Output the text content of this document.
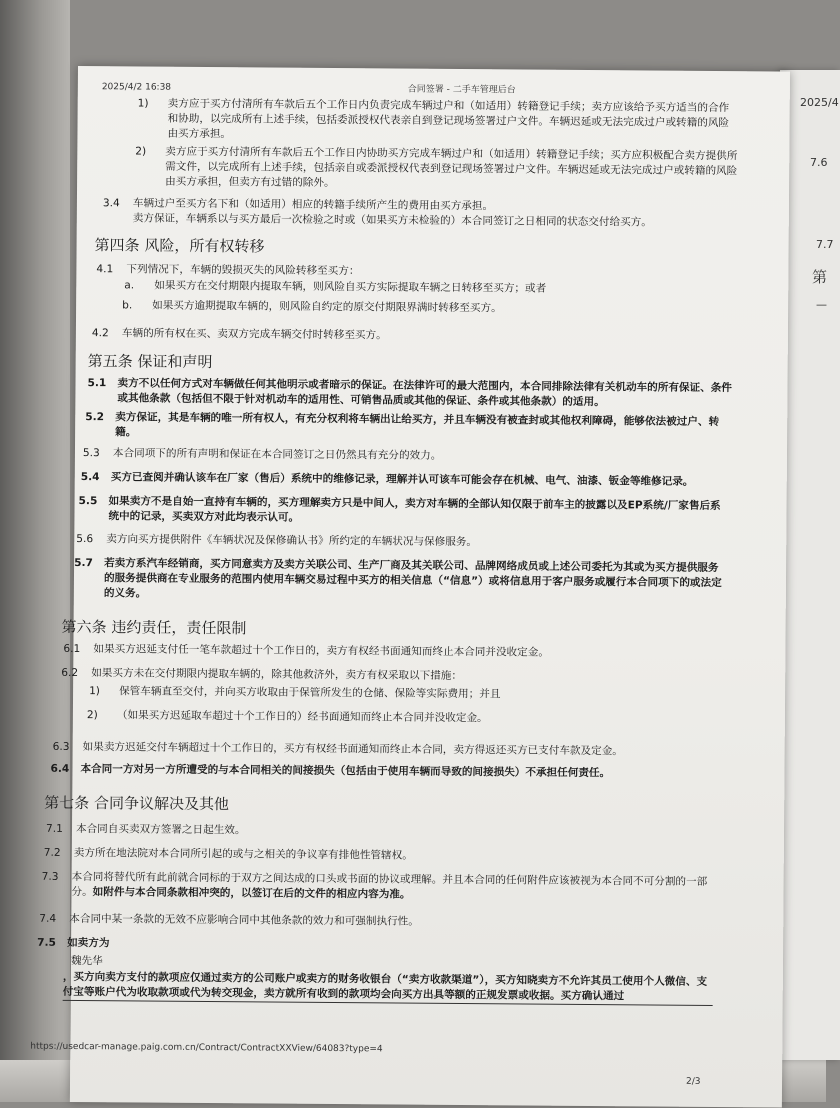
2025/4
7.6
7.7
第
—
2025/4/2 16:38	合同签署 - 二手车管理后台
1) 卖方应于买方付清所有车款后五个工作日内负责完成车辆过户和（如适用）转籍登记手续；卖方应该给予买方适当的合作和协助，以完成所有上述手续，包括委派授权代表亲自到登记现场签署过户文件。车辆迟延或无法完成过户或转籍的风险由买方承担。
2) 卖方应于买方付清所有车款后五个工作日内协助买方完成车辆过户和（如适用）转籍登记手续；买方应积极配合卖方提供所需文件，以完成所有上述手续，包括亲自或委派授权代表到登记现场签署过户文件。车辆迟延或无法完成过户或转籍的风险由买方承担，但卖方有过错的除外。
3.4 车辆过户至买方名下和（如适用）相应的转籍手续所产生的费用由买方承担。
卖方保证，车辆系以与买方最后一次检验之时或（如果买方未检验的）本合同签订之日相同的状态交付给买方。
第四条 风险，所有权转移
4.1 下列情况下，车辆的毁损灭失的风险转移至买方：
a. 如果买方在交付期限内提取车辆，则风险自买方实际提取车辆之日转移至买方；或者
b. 如果买方逾期提取车辆的，则风险自约定的原交付期限界满时转移至买方。
4.2 车辆的所有权在买、卖双方完成车辆交付时转移至买方。
第五条 保证和声明
5.1 卖方不以任何方式对车辆做任何其他明示或者暗示的保证。在法律许可的最大范围内，本合同排除法律有关机动车的所有保证、条件或其他条款（包括但不限于针对机动车的适用性、可销售品质或其他的保证、条件或其他条款）的适用。
5.2 卖方保证，其是车辆的唯一所有权人，有充分权利将车辆出让给买方，并且车辆没有被查封或其他权利障碍，能够依法被过户、转籍。
5.3 本合同项下的所有声明和保证在本合同签订之日仍然具有充分的效力。
5.4 买方已查阅并确认该车在厂家（售后）系统中的维修记录，理解并认可该车可能会存在机械、电气、油漆、钣金等维修记录。
5.5 如果卖方不是自始一直持有车辆的，买方理解卖方只是中间人，卖方对车辆的全部认知仅限于前车主的披露以及EP系统/厂家售后系统中的记录，买卖双方对此均表示认可。
5.6 卖方向买方提供附件《车辆状况及保修确认书》所约定的车辆状况与保修服务。
5.7 若卖方系汽车经销商，买方同意卖方及卖方关联公司、生产厂商及其关联公司、品牌网络成员或上述公司委托为其或为买方提供服务的服务提供商在专业服务的范围内使用车辆交易过程中买方的相关信息（“信息”）或将信息用于客户服务或履行本合同项下的或法定的义务。
第六条 违约责任，责任限制
6.1 如果买方迟延支付任一笔车款超过十个工作日的，卖方有权经书面通知而终止本合同并没收定金。
6.2 如果买方未在交付期限内提取车辆的，除其他救济外，卖方有权采取以下措施：
1) 保管车辆直至交付，并向买方收取由于保管所发生的仓储、保险等实际费用；并且
2) （如果买方迟延取车超过十个工作日的）经书面通知而终止本合同并没收定金。
6.3 如果卖方迟延交付车辆超过十个工作日的，买方有权经书面通知而终止本合同，卖方得返还买方已支付车款及定金。
6.4 本合同一方对另一方所遭受的与本合同相关的间接损失（包括由于使用车辆而导致的间接损失）不承担任何责任。
第七条 合同争议解决及其他
7.1 本合同自买卖双方签署之日起生效。
7.2 卖方所在地法院对本合同所引起的或与之相关的争议享有排他性管辖权。
7.3 本合同将替代所有此前就合同标的于双方之间达成的口头或书面的协议或理解。并且本合同的任何附件应该被视为本合同不可分割的一部分。如附件与本合同条款相冲突的，以签订在后的文件的相应内容为准。
7.4 本合同中某一条款的无效不应影响合同中其他条款的效力和可强制执行性。
7.5 如卖方为
魏先华
，买方向卖方支付的款项应仅通过卖方的公司账户或卖方的财务收银台（“卖方收款渠道”），买方知晓卖方不允许其员工使用个人微信、支付宝等账户代为收取款项或代为转交现金，卖方就所有收到的款项均会向买方出具等额的正规发票或收据。买方确认通过
https://usedcar-manage.paig.com.cn/Contract/ContractXXView/64083?type=4
2/3
